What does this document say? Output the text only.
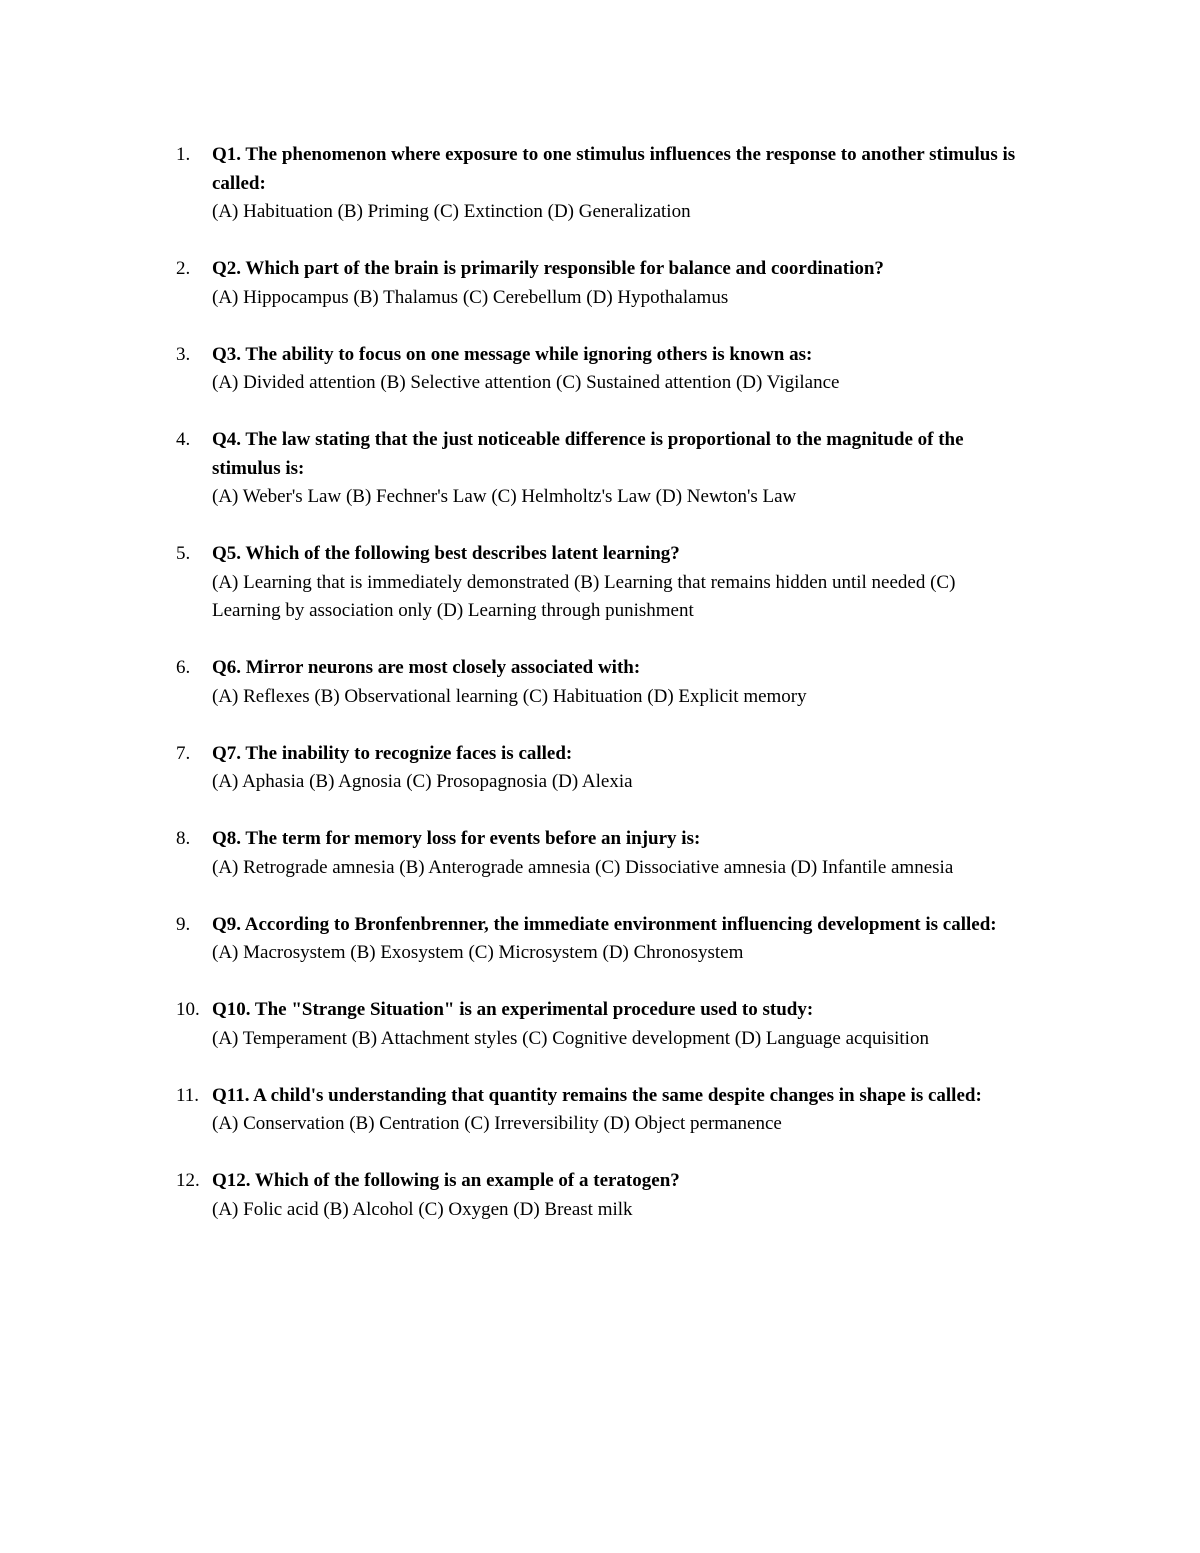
1. Q1. The phenomenon where exposure to one stimulus influences the response to another stimulus is called:
(A) Habituation (B) Priming (C) Extinction (D) Generalization
2. Q2. Which part of the brain is primarily responsible for balance and coordination?
(A) Hippocampus (B) Thalamus (C) Cerebellum (D) Hypothalamus
3. Q3. The ability to focus on one message while ignoring others is known as:
(A) Divided attention (B) Selective attention (C) Sustained attention (D) Vigilance
4. Q4. The law stating that the just noticeable difference is proportional to the magnitude of the stimulus is:
(A) Weber's Law (B) Fechner's Law (C) Helmholtz's Law (D) Newton's Law
5. Q5. Which of the following best describes latent learning?
(A) Learning that is immediately demonstrated (B) Learning that remains hidden until needed (C) Learning by association only (D) Learning through punishment
6. Q6. Mirror neurons are most closely associated with:
(A) Reflexes (B) Observational learning (C) Habituation (D) Explicit memory
7. Q7. The inability to recognize faces is called:
(A) Aphasia (B) Agnosia (C) Prosopagnosia (D) Alexia
8. Q8. The term for memory loss for events before an injury is:
(A) Retrograde amnesia (B) Anterograde amnesia (C) Dissociative amnesia (D) Infantile amnesia
9. Q9. According to Bronfenbrenner, the immediate environment influencing development is called:
(A) Macrosystem (B) Exosystem (C) Microsystem (D) Chronosystem
10. Q10. The "Strange Situation" is an experimental procedure used to study:
(A) Temperament (B) Attachment styles (C) Cognitive development (D) Language acquisition
11. Q11. A child's understanding that quantity remains the same despite changes in shape is called:
(A) Conservation (B) Centration (C) Irreversibility (D) Object permanence
12. Q12. Which of the following is an example of a teratogen?
(A) Folic acid (B) Alcohol (C) Oxygen (D) Breast milk
